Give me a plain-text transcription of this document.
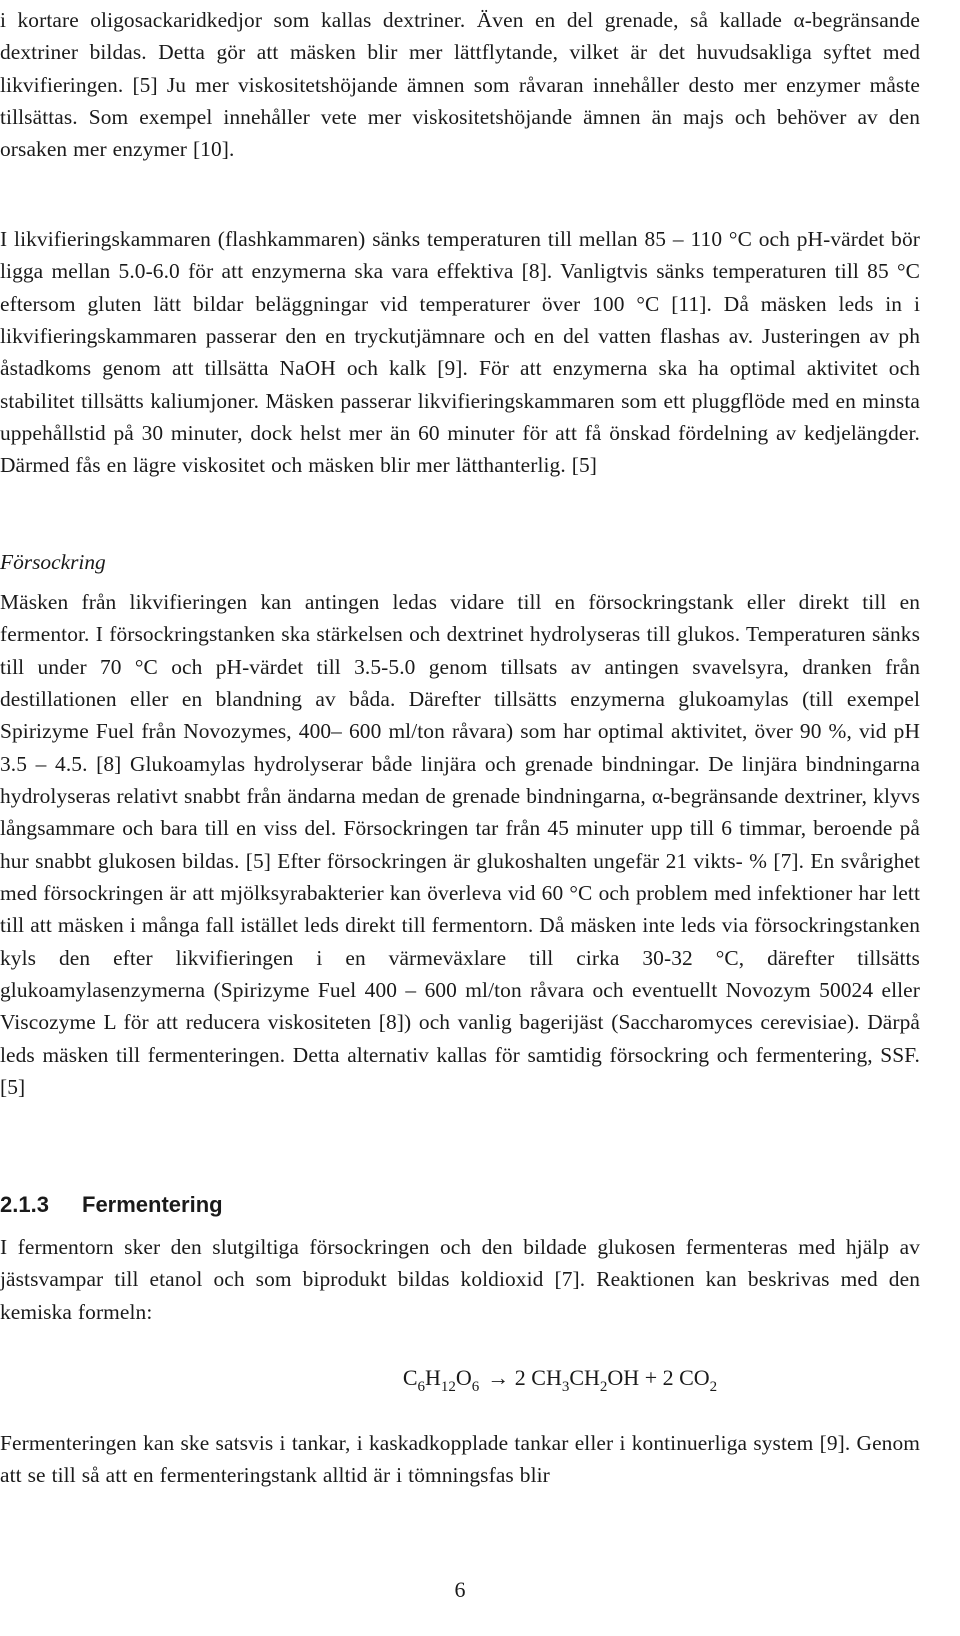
i kortare oligosackaridkedjor som kallas dextriner. Även en del grenade, så kallade α-begränsande dextriner bildas. Detta gör att mäsken blir mer lättflytande, vilket är det huvudsakliga syftet med likvifieringen. [5] Ju mer viskositetshöjande ämnen som råvaran innehåller desto mer enzymer måste tillsättas. Som exempel innehåller vete mer viskositetshöjande ämnen än majs och behöver av den orsaken mer enzymer [10].

I likvifieringskammaren (flashkammaren) sänks temperaturen till mellan 85 – 110 °C och pH-värdet bör ligga mellan 5.0-6.0 för att enzymerna ska vara effektiva [8]. Vanligtvis sänks temperaturen till 85 °C eftersom gluten lätt bildar beläggningar vid temperaturer över 100 °C [11]. Då mäsken leds in i likvifieringskammaren passerar den en tryckutjämnare och en del vatten flashas av. Justeringen av ph åstadkoms genom att tillsätta NaOH och kalk [9]. För att enzymerna ska ha optimal aktivitet och stabilitet tillsätts kaliumjoner. Mäsken passerar likvifieringskammaren som ett pluggflöde med en minsta uppehållstid på 30 minuter, dock helst mer än 60 minuter för att få önskad fördelning av kedjelängder. Därmed fås en lägre viskositet och mäsken blir mer lätthanterlig. [5]

Försockring

Mäsken från likvifieringen kan antingen ledas vidare till en försockringstank eller direkt till en fermentor. I försockringstanken ska stärkelsen och dextrinet hydrolyseras till glukos. Temperaturen sänks till under 70 °C och pH-värdet till 3.5-5.0 genom tillsats av antingen svavelsyra, dranken från destillationen eller en blandning av båda. Därefter tillsätts enzymerna glukoamylas (till exempel Spirizyme Fuel från Novozymes, 400– 600 ml/ton råvara) som har optimal aktivitet, över 90 %, vid pH 3.5 – 4.5. [8] Glukoamylas hydrolyserar både linjära och grenade bindningar. De linjära bindningarna hydrolyseras relativt snabbt från ändarna medan de grenade bindningarna, α-begränsande dextriner, klyvs långsammare och bara till en viss del. Försockringen tar från 45 minuter upp till 6 timmar, beroende på hur snabbt glukosen bildas. [5] Efter försockringen är glukoshalten ungefär 21 vikts- % [7]. En svårighet med försockringen är att mjölksyrabakterier kan överleva vid 60 °C och problem med infektioner har lett till att mäsken i många fall istället leds direkt till fermentorn. Då mäsken inte leds via försockringstanken kyls den efter likvifieringen i en värmeväxlare till cirka 30-32 °C, därefter tillsätts glukoamylasenzymerna (Spirizyme Fuel 400 – 600 ml/ton råvara och eventuellt Novozym 50024 eller Viscozyme L för att reducera viskositeten [8]) och vanlig bagerijäst (Saccharomyces cerevisiae). Därpå leds mäsken till fermenteringen. Detta alternativ kallas för samtidig försockring och fermentering, SSF. [5]

2.1.3 Fermentering

I fermentorn sker den slutgiltiga försockringen och den bildade glukosen fermenteras med hjälp av jästsvampar till etanol och som biprodukt bildas koldioxid [7]. Reaktionen kan beskrivas med den kemiska formeln:

$C_6H_{12}O_6 \to 2$ $CH_3CH_2OH + 2$ $CO_2$

Fermenteringen kan ske satsvis i tankar, i kaskadkopplade tankar eller i kontinuerliga system [9]. Genom att se till så att en fermenteringstank alltid är i tömningsfas blir

6
